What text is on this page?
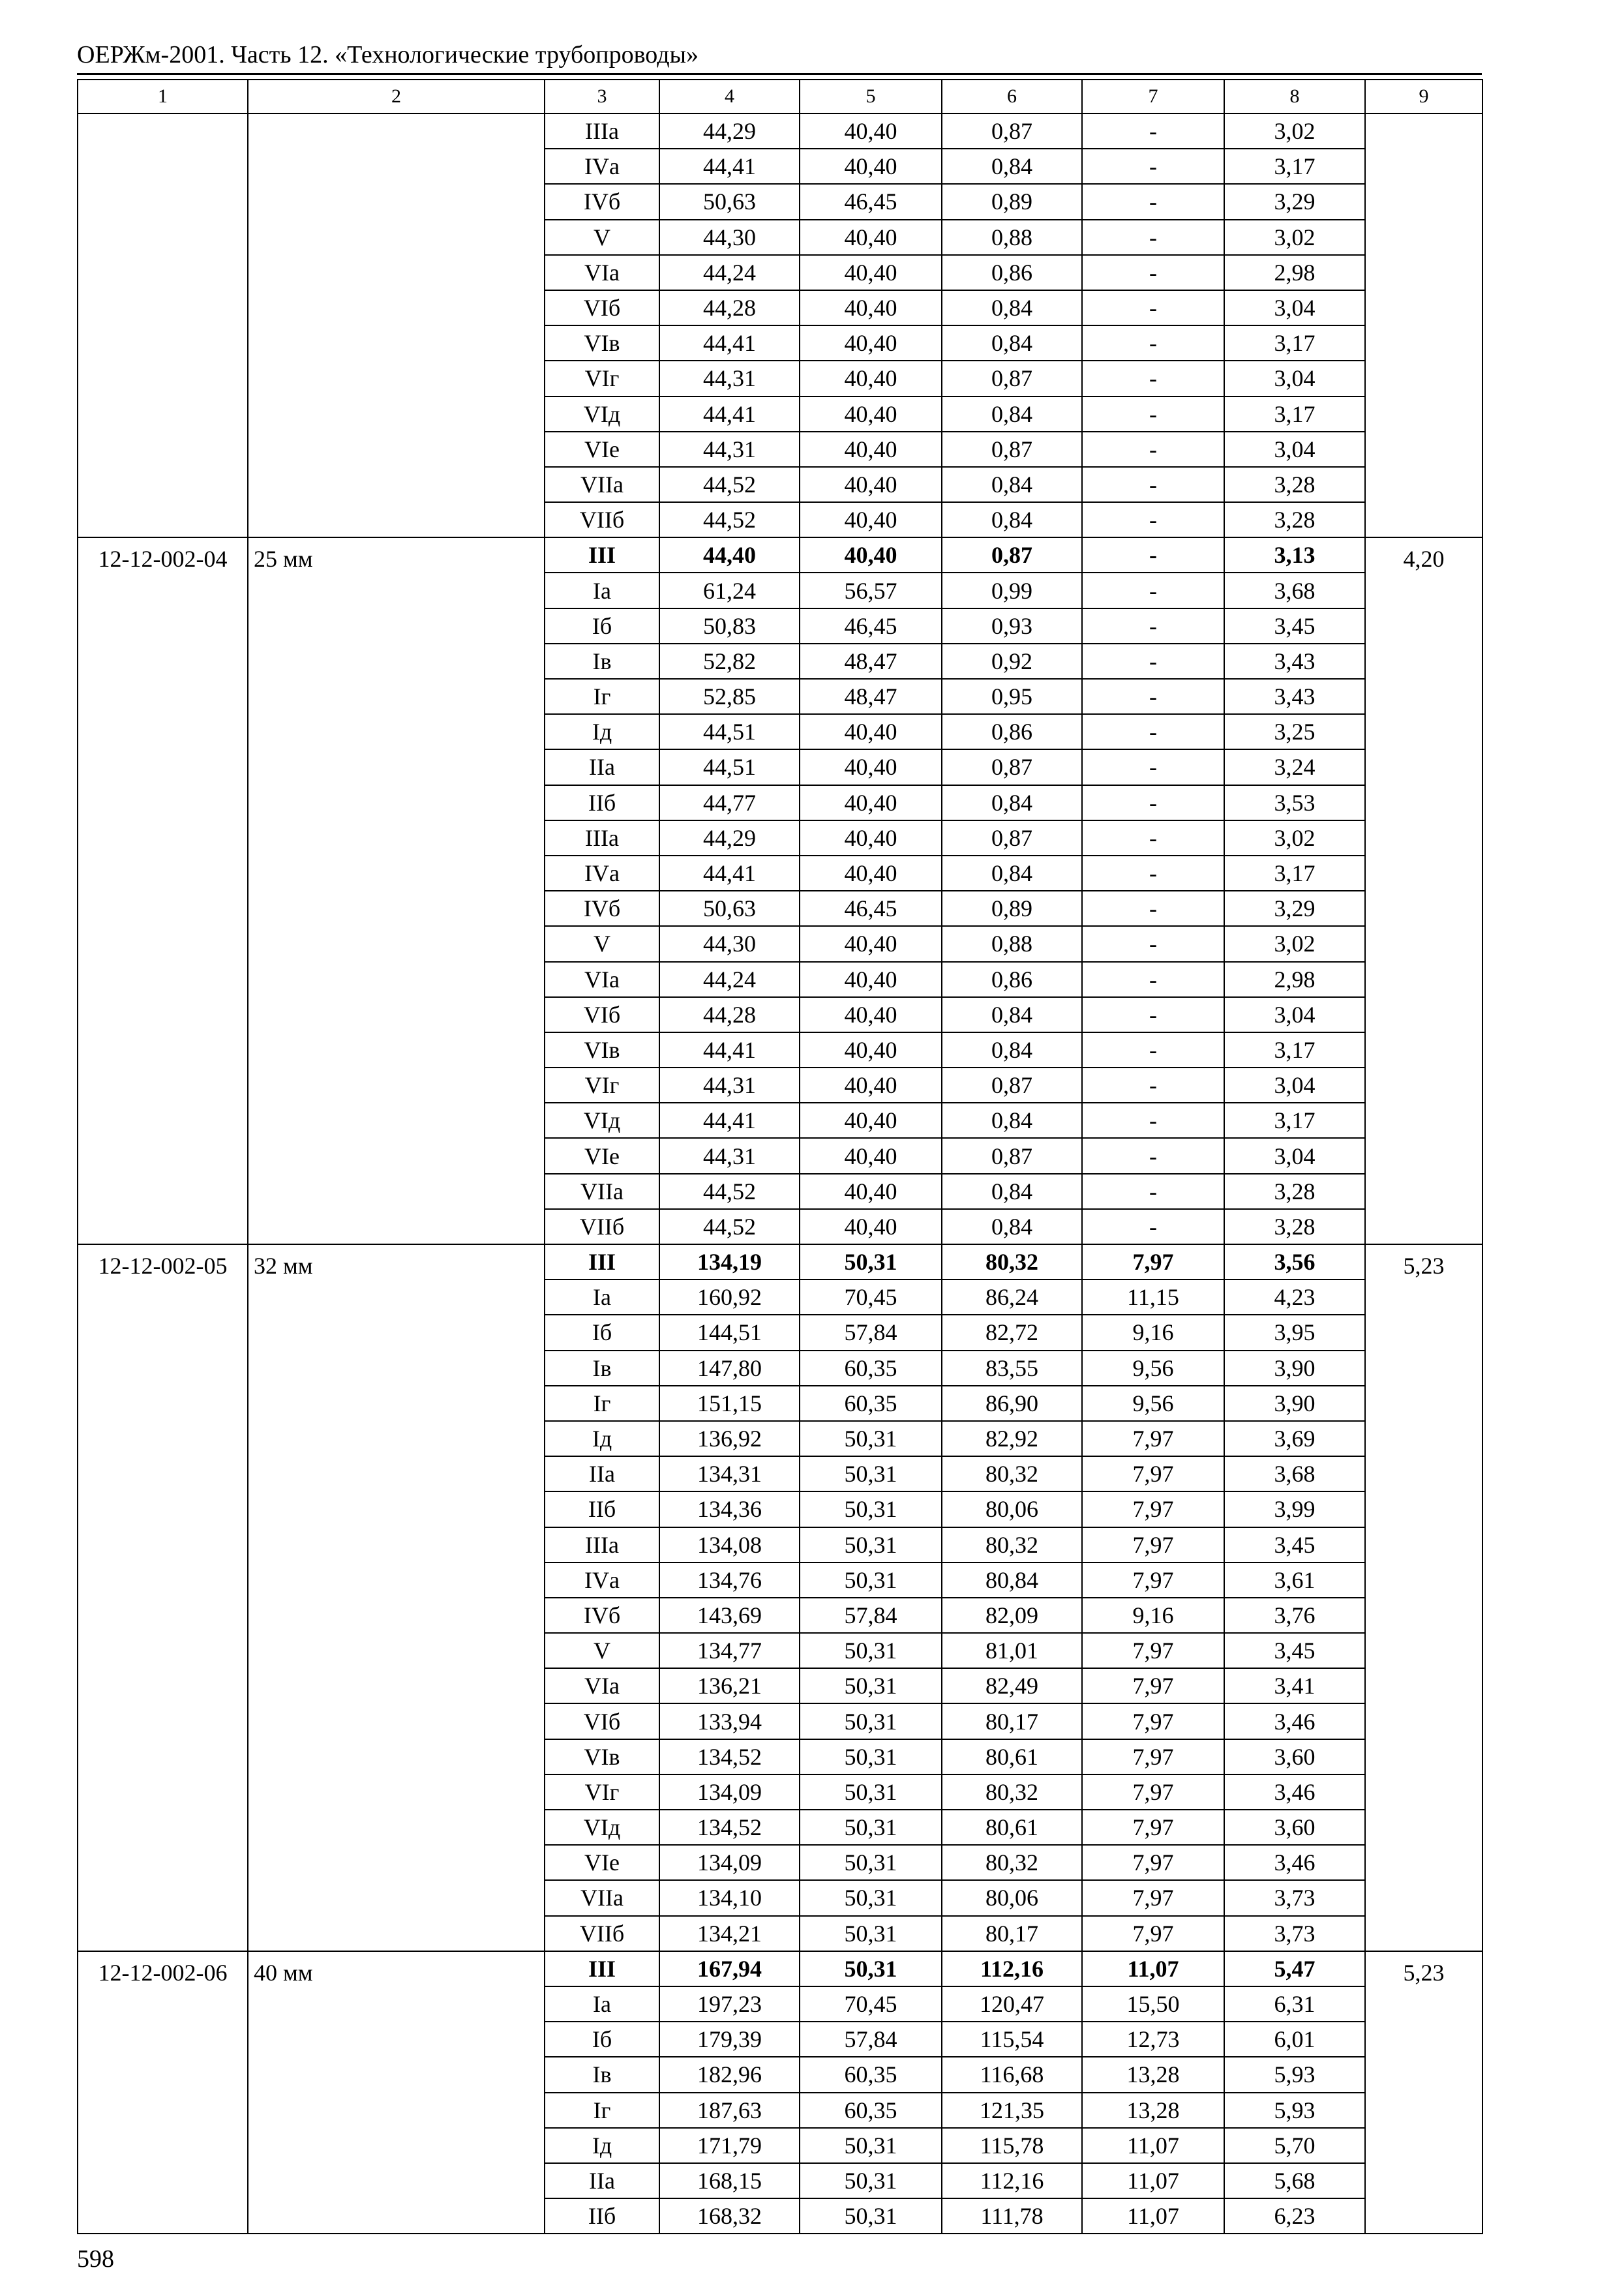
ОЕРЖм-2001. Часть 12. «Технологические трубопроводы»
1	2	3	4	5	6	7	8	9
		IIIа	44,29	40,40	0,87	-	3,02	
		IVа	44,41	40,40	0,84	-	3,17	
		IVб	50,63	46,45	0,89	-	3,29	
		V	44,30	40,40	0,88	-	3,02	
		VIа	44,24	40,40	0,86	-	2,98	
		VIб	44,28	40,40	0,84	-	3,04	
		VIв	44,41	40,40	0,84	-	3,17	
		VIг	44,31	40,40	0,87	-	3,04	
		VIд	44,41	40,40	0,84	-	3,17	
		VIе	44,31	40,40	0,87	-	3,04	
		VIIа	44,52	40,40	0,84	-	3,28	
		VIIб	44,52	40,40	0,84	-	3,28	
12-12-002-04	25 мм	III	44,40	40,40	0,87	-	3,13	4,20
		Iа	61,24	56,57	0,99	-	3,68	
		Iб	50,83	46,45	0,93	-	3,45	
		Iв	52,82	48,47	0,92	-	3,43	
		Iг	52,85	48,47	0,95	-	3,43	
		Iд	44,51	40,40	0,86	-	3,25	
		IIа	44,51	40,40	0,87	-	3,24	
		IIб	44,77	40,40	0,84	-	3,53	
		IIIа	44,29	40,40	0,87	-	3,02	
		IVа	44,41	40,40	0,84	-	3,17	
		IVб	50,63	46,45	0,89	-	3,29	
		V	44,30	40,40	0,88	-	3,02	
		VIа	44,24	40,40	0,86	-	2,98	
		VIб	44,28	40,40	0,84	-	3,04	
		VIв	44,41	40,40	0,84	-	3,17	
		VIг	44,31	40,40	0,87	-	3,04	
		VIд	44,41	40,40	0,84	-	3,17	
		VIе	44,31	40,40	0,87	-	3,04	
		VIIа	44,52	40,40	0,84	-	3,28	
		VIIб	44,52	40,40	0,84	-	3,28	
12-12-002-05	32 мм	III	134,19	50,31	80,32	7,97	3,56	5,23
		Iа	160,92	70,45	86,24	11,15	4,23	
		Iб	144,51	57,84	82,72	9,16	3,95	
		Iв	147,80	60,35	83,55	9,56	3,90	
		Iг	151,15	60,35	86,90	9,56	3,90	
		Iд	136,92	50,31	82,92	7,97	3,69	
		IIа	134,31	50,31	80,32	7,97	3,68	
		IIб	134,36	50,31	80,06	7,97	3,99	
		IIIа	134,08	50,31	80,32	7,97	3,45	
		IVа	134,76	50,31	80,84	7,97	3,61	
		IVб	143,69	57,84	82,09	9,16	3,76	
		V	134,77	50,31	81,01	7,97	3,45	
		VIа	136,21	50,31	82,49	7,97	3,41	
		VIб	133,94	50,31	80,17	7,97	3,46	
		VIв	134,52	50,31	80,61	7,97	3,60	
		VIг	134,09	50,31	80,32	7,97	3,46	
		VIд	134,52	50,31	80,61	7,97	3,60	
		VIе	134,09	50,31	80,32	7,97	3,46	
		VIIа	134,10	50,31	80,06	7,97	3,73	
		VIIб	134,21	50,31	80,17	7,97	3,73	
12-12-002-06	40 мм	III	167,94	50,31	112,16	11,07	5,47	5,23
		Iа	197,23	70,45	120,47	15,50	6,31	
		Iб	179,39	57,84	115,54	12,73	6,01	
		Iв	182,96	60,35	116,68	13,28	5,93	
		Iг	187,63	60,35	121,35	13,28	5,93	
		Iд	171,79	50,31	115,78	11,07	5,70	
		IIа	168,15	50,31	112,16	11,07	5,68	
		IIб	168,32	50,31	111,78	11,07	6,23	
598
